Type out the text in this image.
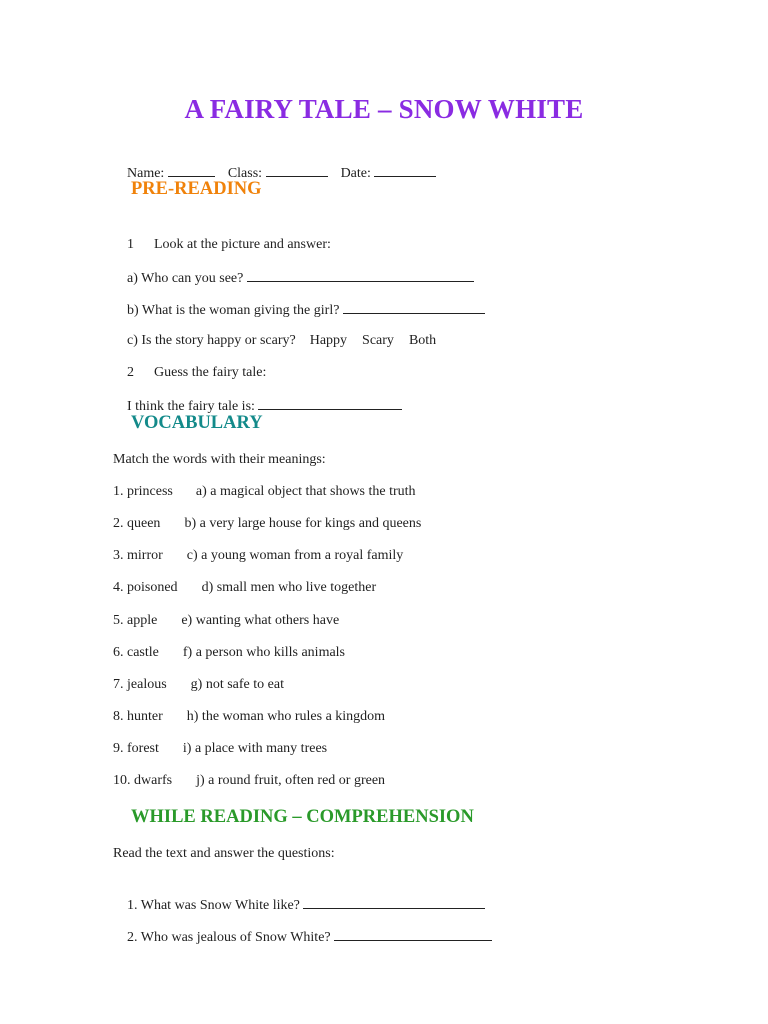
A FAIRY TALE – SNOW WHITE

Name:	Class:	Date:

PRE-READING

1 Look at the picture and answer:

a) Who can you see?

b) What is the woman giving the girl?

c) Is the story happy or scary? Happy Scary Both

2 Guess the fairy tale:

I think the fairy tale is:

VOCABULARY
Match the words with their meanings:
1. princess a) a magical object that shows the truth
2. queen b) a very large house for kings and queens
3. mirror c) a young woman from a royal family
4. poisoned d) small men who live together
5. apple e) wanting what others have
6. castle f) a person who kills animals
7. jealous g) not safe to eat
8. hunter h) the woman who rules a kingdom
9. forest i) a place with many trees
10. dwarfs j) a round fruit, often red or green
WHILE READING – COMPREHENSION
Read the text and answer the questions:

1. What was Snow White like?

2. Who was jealous of Snow White?
